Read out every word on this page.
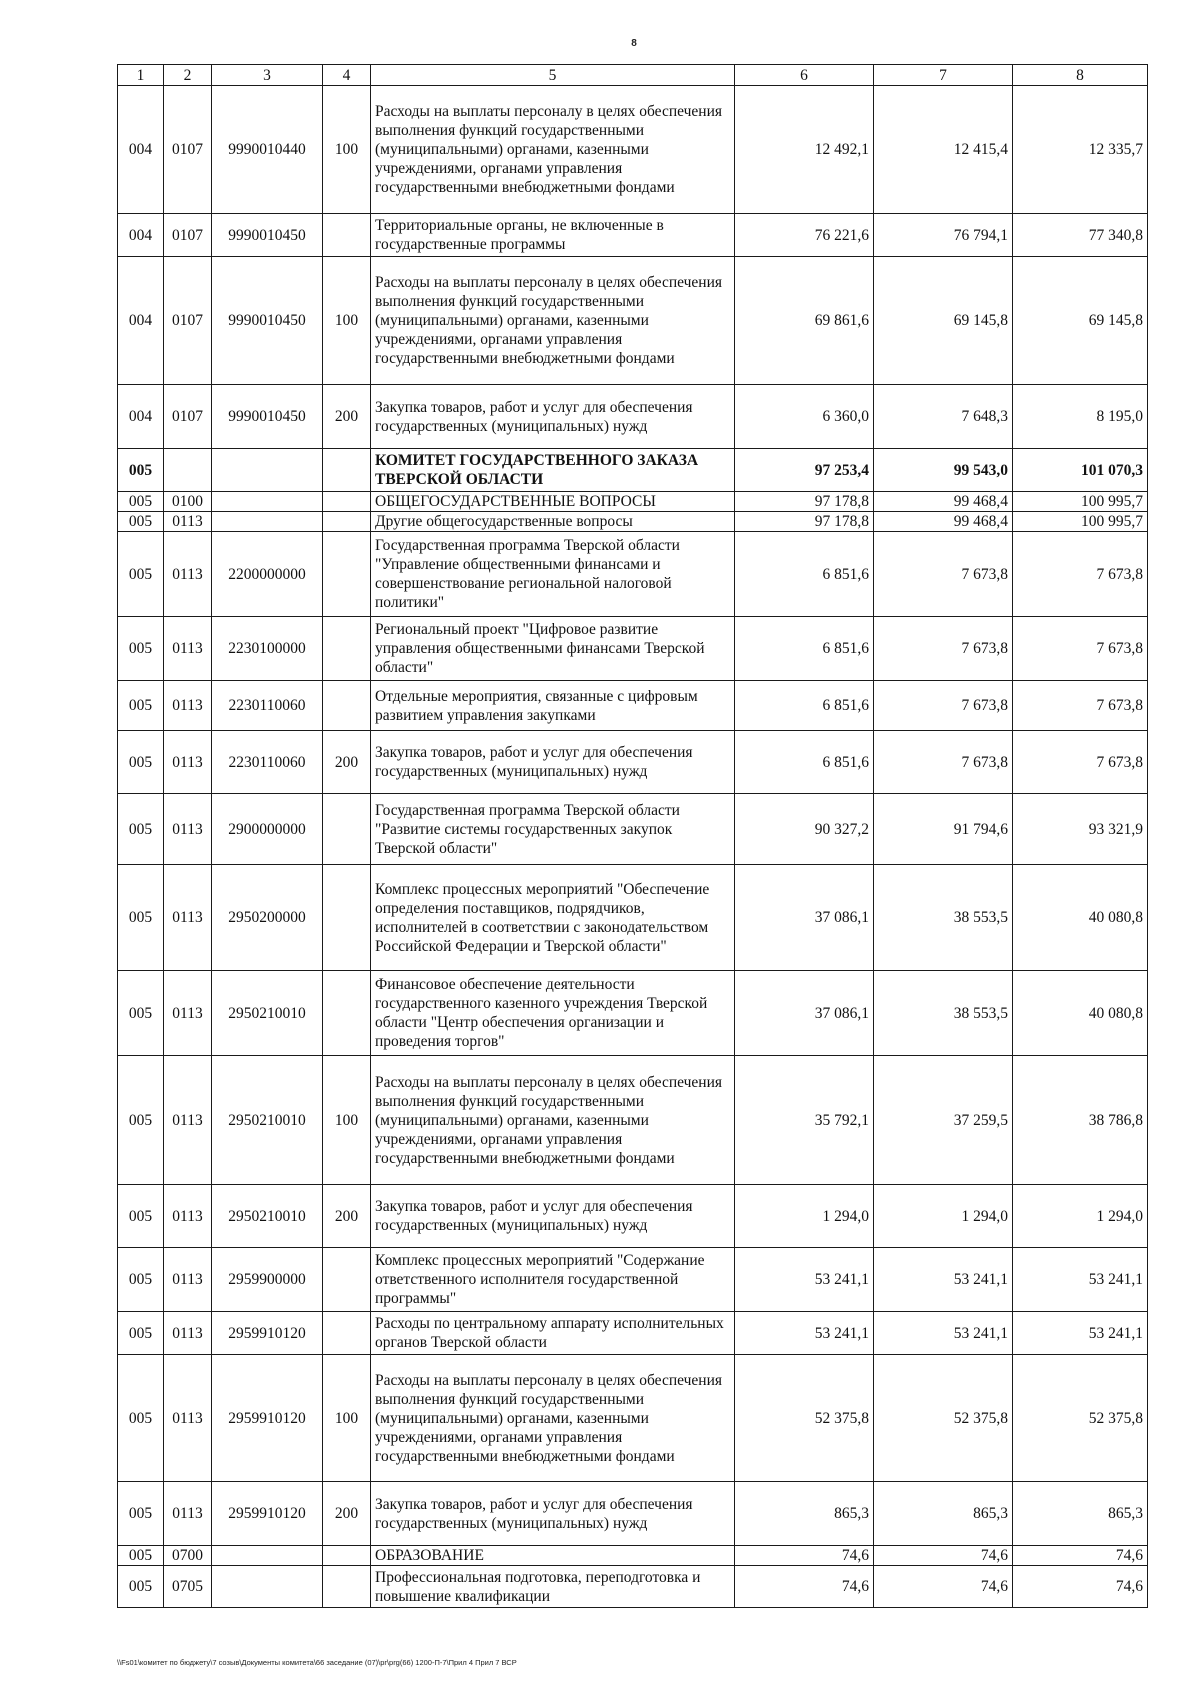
8
1	2	3	4	5	6	7	8
004	0107	9990010440	100	Расходы на выплаты персоналу в целях обеспечения выполнения функций государственными (муниципальными) органами, казенными учреждениями, органами управления государственными внебюджетными фондами	12 492,1	12 415,4	12 335,7
004	0107	9990010450		Территориальные органы, не включенные в государственные программы	76 221,6	76 794,1	77 340,8
004	0107	9990010450	100	Расходы на выплаты персоналу в целях обеспечения выполнения функций государственными (муниципальными) органами, казенными учреждениями, органами управления государственными внебюджетными фондами	69 861,6	69 145,8	69 145,8
004	0107	9990010450	200	Закупка товаров, работ и услуг для обеспечения государственных (муниципальных) нужд	6 360,0	7 648,3	8 195,0
005				КОМИТЕТ ГОСУДАРСТВЕННОГО ЗАКАЗА ТВЕРСКОЙ ОБЛАСТИ	97 253,4	99 543,0	101 070,3
005	0100			ОБЩЕГОСУДАРСТВЕННЫЕ ВОПРОСЫ	97 178,8	99 468,4	100 995,7
005	0113			Другие общегосударственные вопросы	97 178,8	99 468,4	100 995,7
005	0113	2200000000		Государственная программа Тверской области "Управление общественными финансами и совершенствование региональной налоговой политики"	6 851,6	7 673,8	7 673,8
005	0113	2230100000		Региональный проект "Цифровое развитие управления общественными финансами Тверской области"	6 851,6	7 673,8	7 673,8
005	0113	2230110060		Отдельные мероприятия, связанные с цифровым развитием управления закупками	6 851,6	7 673,8	7 673,8
005	0113	2230110060	200	Закупка товаров, работ и услуг для обеспечения государственных (муниципальных) нужд	6 851,6	7 673,8	7 673,8
005	0113	2900000000		Государственная программа Тверской области "Развитие системы государственных закупок Тверской области"	90 327,2	91 794,6	93 321,9
005	0113	2950200000		Комплекс процессных мероприятий "Обеспечение определения поставщиков, подрядчиков, исполнителей в соответствии с законодательством Российской Федерации и Тверской области"	37 086,1	38 553,5	40 080,8
005	0113	2950210010		Финансовое обеспечение деятельности государственного казенного учреждения Тверской области "Центр обеспечения организации и проведения торгов"	37 086,1	38 553,5	40 080,8
005	0113	2950210010	100	Расходы на выплаты персоналу в целях обеспечения выполнения функций государственными (муниципальными) органами, казенными учреждениями, органами управления государственными внебюджетными фондами	35 792,1	37 259,5	38 786,8
005	0113	2950210010	200	Закупка товаров, работ и услуг для обеспечения государственных (муниципальных) нужд	1 294,0	1 294,0	1 294,0
005	0113	2959900000		Комплекс процессных мероприятий "Содержание ответственного исполнителя государственной программы"	53 241,1	53 241,1	53 241,1
005	0113	2959910120		Расходы по центральному аппарату исполнительных органов Тверской области	53 241,1	53 241,1	53 241,1
005	0113	2959910120	100	Расходы на выплаты персоналу в целях обеспечения выполнения функций государственными (муниципальными) органами, казенными учреждениями, органами управления государственными внебюджетными фондами	52 375,8	52 375,8	52 375,8
005	0113	2959910120	200	Закупка товаров, работ и услуг для обеспечения государственных (муниципальных) нужд	865,3	865,3	865,3
005	0700			ОБРАЗОВАНИЕ	74,6	74,6	74,6
005	0705			Профессиональная подготовка, переподготовка и повышение квалификации	74,6	74,6	74,6
\\Fs01\комитет по бюджету\7 созыв\Документы комитета\66 заседание (07)\pr\prg(66) 1200-П-7\Прил 4 Прил 7 ВСР
